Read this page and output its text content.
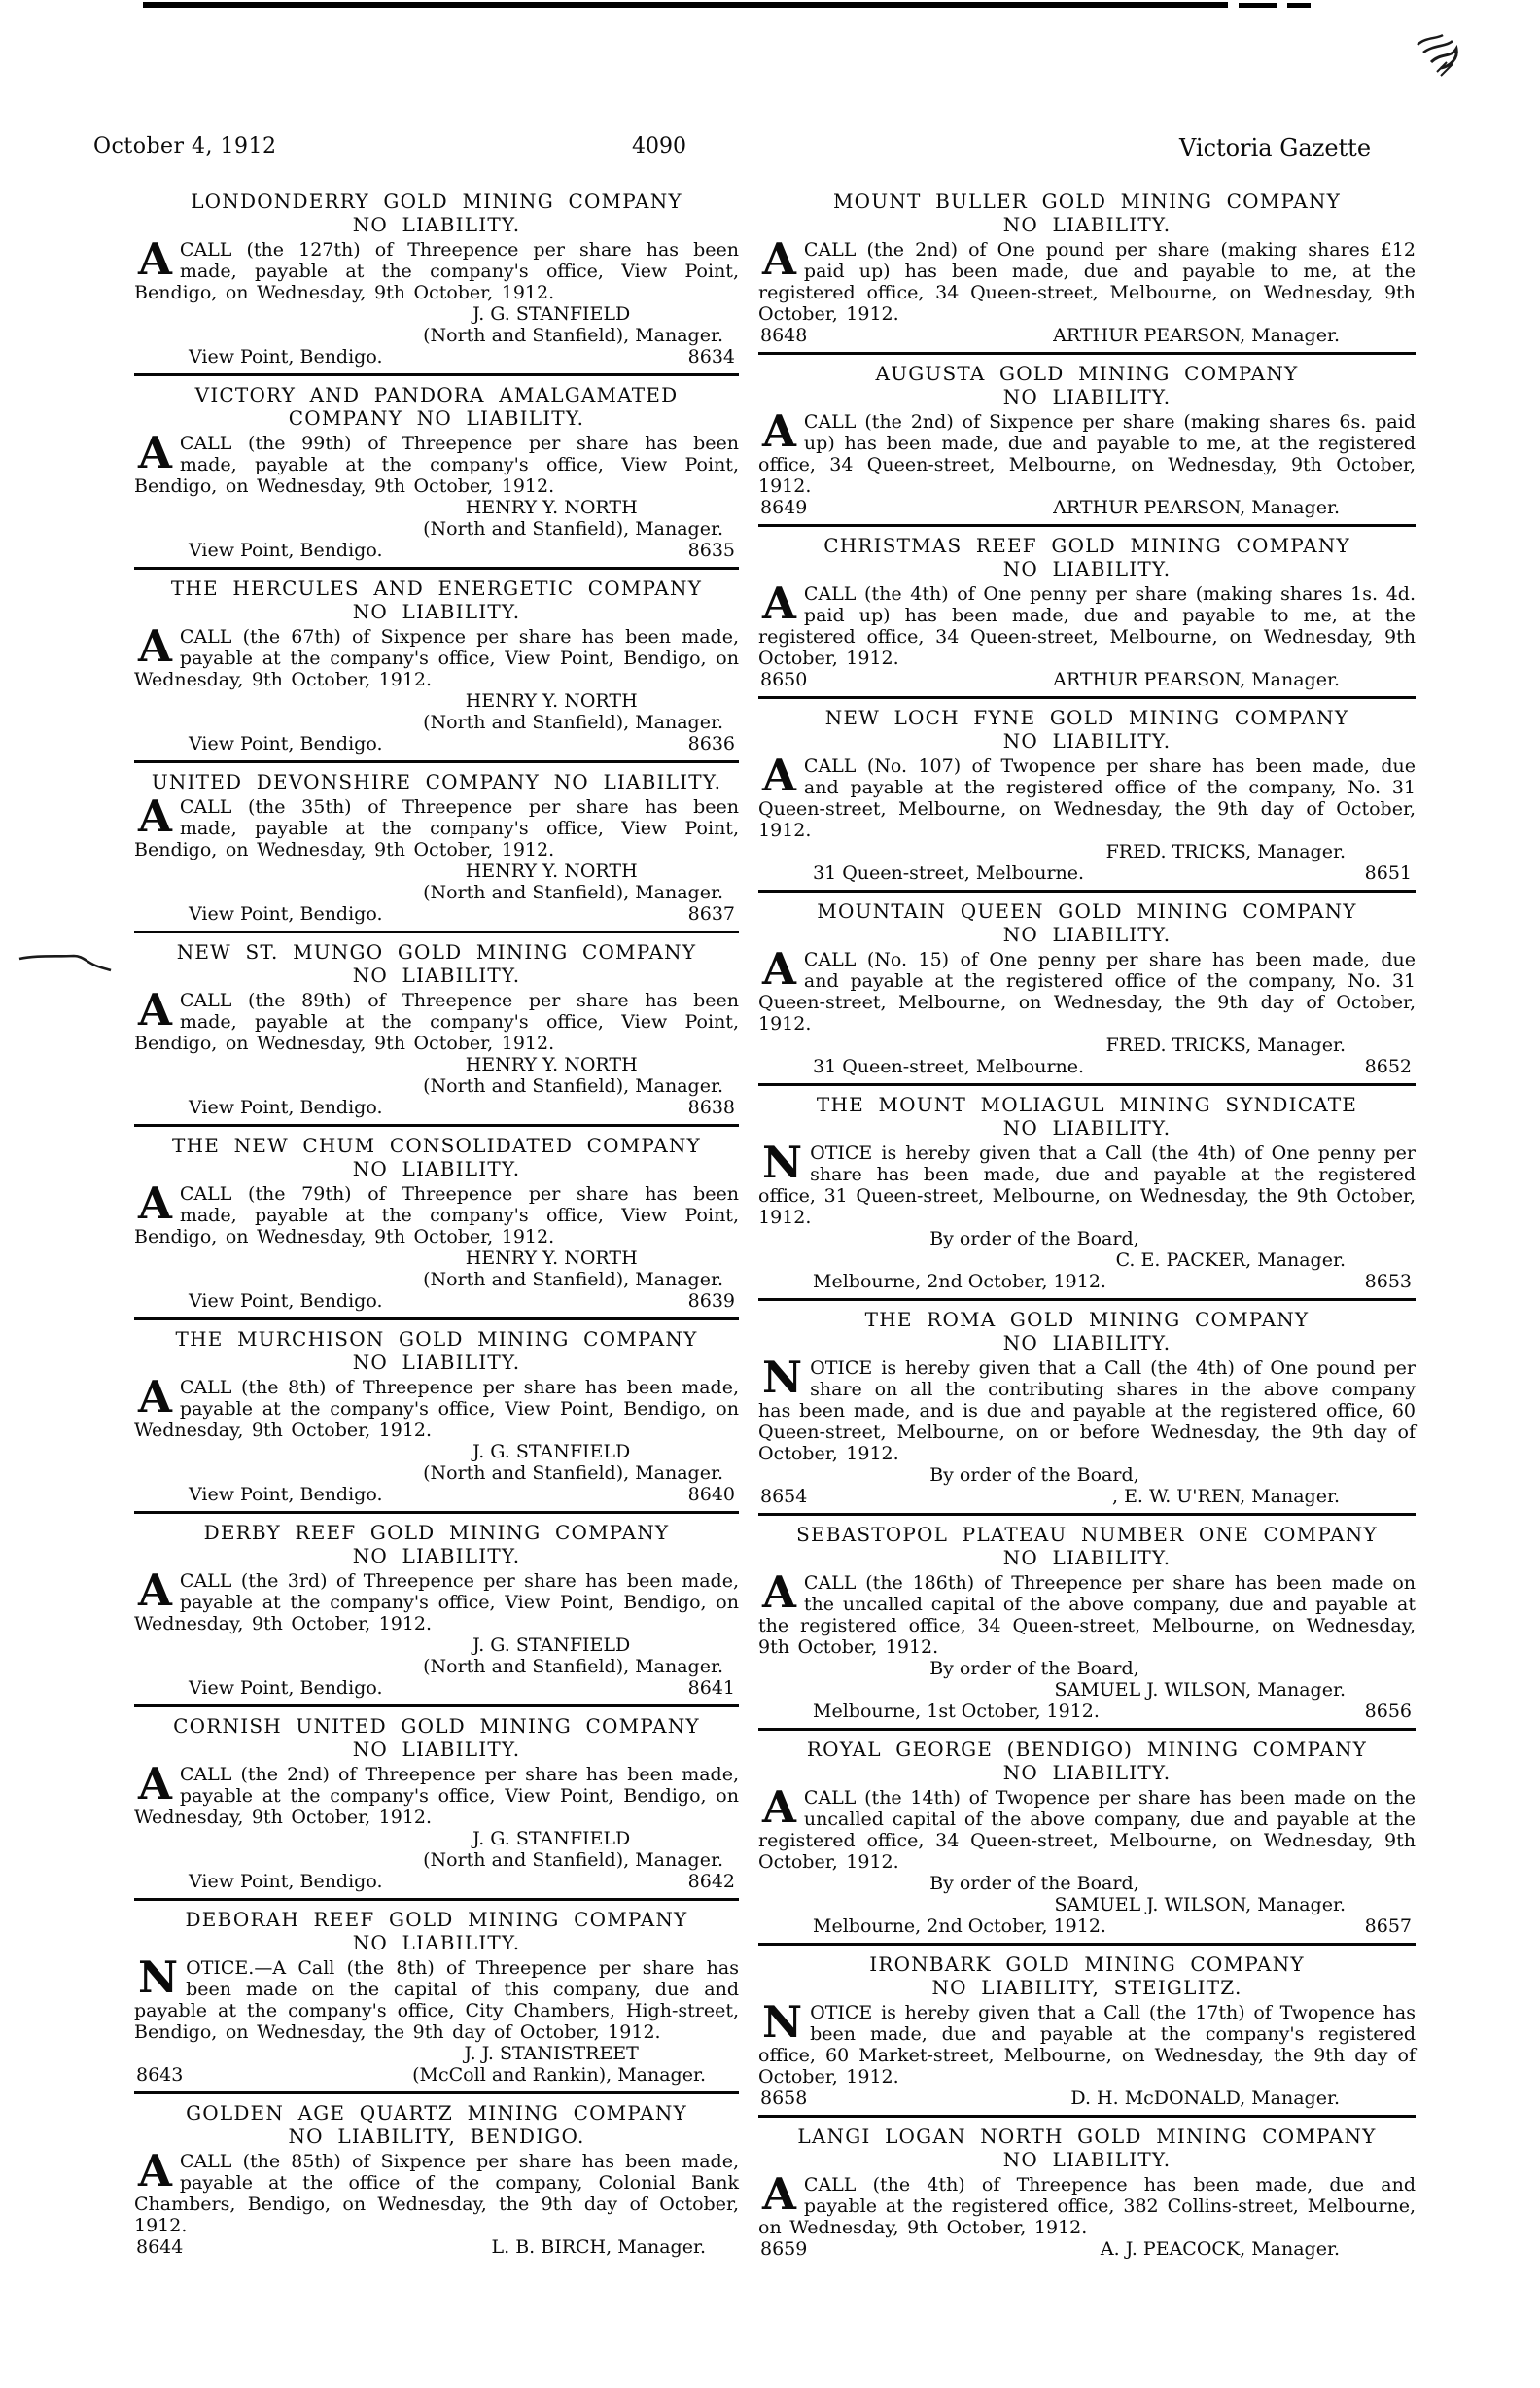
October 4, 1912	4090	Victoria Gazette
LONDONDERRY GOLD MINING COMPANY
NO LIABILITY.

ACALL (the 127th) of Threepence per share has been made, payable at the company's office, View Point, Bendigo, on Wednesday, 9th October, 1912.

J. G. STANFIELD
(North and Stanfield), Manager.
View Point, Bendigo.	8634
VICTORY AND PANDORA AMALGAMATED
COMPANY NO LIABILITY.

ACALL (the 99th) of Threepence per share has been made, payable at the company's office, View Point, Bendigo, on Wednesday, 9th October, 1912.

HENRY Y. NORTH
(North and Stanfield), Manager.
View Point, Bendigo.	8635
THE HERCULES AND ENERGETIC COMPANY
NO LIABILITY.

ACALL (the 67th) of Sixpence per share has been made, payable at the company's office, View Point, Bendigo, on Wednesday, 9th October, 1912.

HENRY Y. NORTH
(North and Stanfield), Manager.
View Point, Bendigo.	8636
UNITED DEVONSHIRE COMPANY NO LIABILITY.

ACALL (the 35th) of Threepence per share has been made, payable at the company's office, View Point, Bendigo, on Wednesday, 9th October, 1912.

HENRY Y. NORTH
(North and Stanfield), Manager.
View Point, Bendigo.	8637
NEW ST. MUNGO GOLD MINING COMPANY
NO LIABILITY.

ACALL (the 89th) of Threepence per share has been made, payable at the company's office, View Point, Bendigo, on Wednesday, 9th October, 1912.

HENRY Y. NORTH
(North and Stanfield), Manager.
View Point, Bendigo.	8638
THE NEW CHUM CONSOLIDATED COMPANY
NO LIABILITY.

ACALL (the 79th) of Threepence per share has been made, payable at the company's office, View Point, Bendigo, on Wednesday, 9th October, 1912.

HENRY Y. NORTH
(North and Stanfield), Manager.
View Point, Bendigo.	8639
THE MURCHISON GOLD MINING COMPANY
NO LIABILITY.

ACALL (the 8th) of Threepence per share has been made, payable at the company's office, View Point, Bendigo, on Wednesday, 9th October, 1912.

J. G. STANFIELD
(North and Stanfield), Manager.
View Point, Bendigo.	8640
DERBY REEF GOLD MINING COMPANY
NO LIABILITY.

ACALL (the 3rd) of Threepence per share has been made, payable at the company's office, View Point, Bendigo, on Wednesday, 9th October, 1912.

J. G. STANFIELD
(North and Stanfield), Manager.
View Point, Bendigo.	8641
CORNISH UNITED GOLD MINING COMPANY
NO LIABILITY.

ACALL (the 2nd) of Threepence per share has been made, payable at the company's office, View Point, Bendigo, on Wednesday, 9th October, 1912.

J. G. STANFIELD
(North and Stanfield), Manager.
View Point, Bendigo.	8642
DEBORAH REEF GOLD MINING COMPANY
NO LIABILITY.

NOTICE.—A Call (the 8th) of Threepence per share has been made on the capital of this company, due and payable at the company's office, City Chambers, High-street, Bendigo, on Wednesday, the 9th day of October, 1912.

J. J. STANISTREET
8643	(McColl and Rankin), Manager.
GOLDEN AGE QUARTZ MINING COMPANY
NO LIABILITY, BENDIGO.

ACALL (the 85th) of Sixpence per share has been made, payable at the office of the company, Colonial Bank Chambers, Bendigo, on Wednesday, the 9th day of October, 1912.

8644	L. B. BIRCH, Manager.
MOUNT BULLER GOLD MINING COMPANY
NO LIABILITY.

ACALL (the 2nd) of One pound per share (making shares £12 paid up) has been made, due and payable to me, at the registered office, 34 Queen-street, Melbourne, on Wednesday, 9th October, 1912.

8648	ARTHUR PEARSON, Manager.
AUGUSTA GOLD MINING COMPANY
NO LIABILITY.

ACALL (the 2nd) of Sixpence per share (making shares 6s. paid up) has been made, due and payable to me, at the registered office, 34 Queen-street, Melbourne, on Wednesday, 9th October, 1912.

8649	ARTHUR PEARSON, Manager.
CHRISTMAS REEF GOLD MINING COMPANY
NO LIABILITY.

ACALL (the 4th) of One penny per share (making shares 1s. 4d. paid up) has been made, due and payable to me, at the registered office, 34 Queen-street, Melbourne, on Wednesday, 9th October, 1912.

8650	ARTHUR PEARSON, Manager.
NEW LOCH FYNE GOLD MINING COMPANY
NO LIABILITY.

ACALL (No. 107) of Twopence per share has been made, due and payable at the registered office of the company, No. 31 Queen-street, Melbourne, on Wednesday, the 9th day of October, 1912.

FRED. TRICKS, Manager.
31 Queen-street, Melbourne.	8651
MOUNTAIN QUEEN GOLD MINING COMPANY
NO LIABILITY.

ACALL (No. 15) of One penny per share has been made, due and payable at the registered office of the company, No. 31 Queen-street, Melbourne, on Wednesday, the 9th day of October, 1912.

FRED. TRICKS, Manager.
31 Queen-street, Melbourne.	8652
THE MOUNT MOLIAGUL MINING SYNDICATE
NO LIABILITY.

NOTICE is hereby given that a Call (the 4th) of One penny per share has been made, due and payable at the registered office, 31 Queen-street, Melbourne, on Wednesday, the 9th October, 1912.

By order of the Board,
C. E. PACKER, Manager.
Melbourne, 2nd October, 1912.	8653
THE ROMA GOLD MINING COMPANY
NO LIABILITY.

NOTICE is hereby given that a Call (the 4th) of One pound per share on all the contributing shares in the above company has been made, and is due and payable at the registered office, 60 Queen-street, Melbourne, on or before Wednesday, the 9th day of October, 1912.

By order of the Board,
8654	, E. W. U'REN, Manager.
SEBASTOPOL PLATEAU NUMBER ONE COMPANY
NO LIABILITY.

ACALL (the 186th) of Threepence per share has been made on the uncalled capital of the above company, due and payable at the registered office, 34 Queen-street, Melbourne, on Wednesday, 9th October, 1912.

By order of the Board,
SAMUEL J. WILSON, Manager.
Melbourne, 1st October, 1912.	8656
ROYAL GEORGE (BENDIGO) MINING COMPANY
NO LIABILITY.

ACALL (the 14th) of Twopence per share has been made on the uncalled capital of the above company, due and payable at the registered office, 34 Queen-street, Melbourne, on Wednesday, 9th October, 1912.

By order of the Board,
SAMUEL J. WILSON, Manager.
Melbourne, 2nd October, 1912.	8657
IRONBARK GOLD MINING COMPANY
NO LIABILITY, STEIGLITZ.

NOTICE is hereby given that a Call (the 17th) of Twopence has been made, due and payable at the company's registered office, 60 Market-street, Melbourne, on Wednesday, the 9th day of October, 1912.

8658	D. H. McDONALD, Manager.
LANGI LOGAN NORTH GOLD MINING COMPANY
NO LIABILITY.

ACALL (the 4th) of Threepence has been made, due and payable at the registered office, 382 Collins-street, Melbourne, on Wednesday, 9th October, 1912.

8659	A. J. PEACOCK, Manager.
